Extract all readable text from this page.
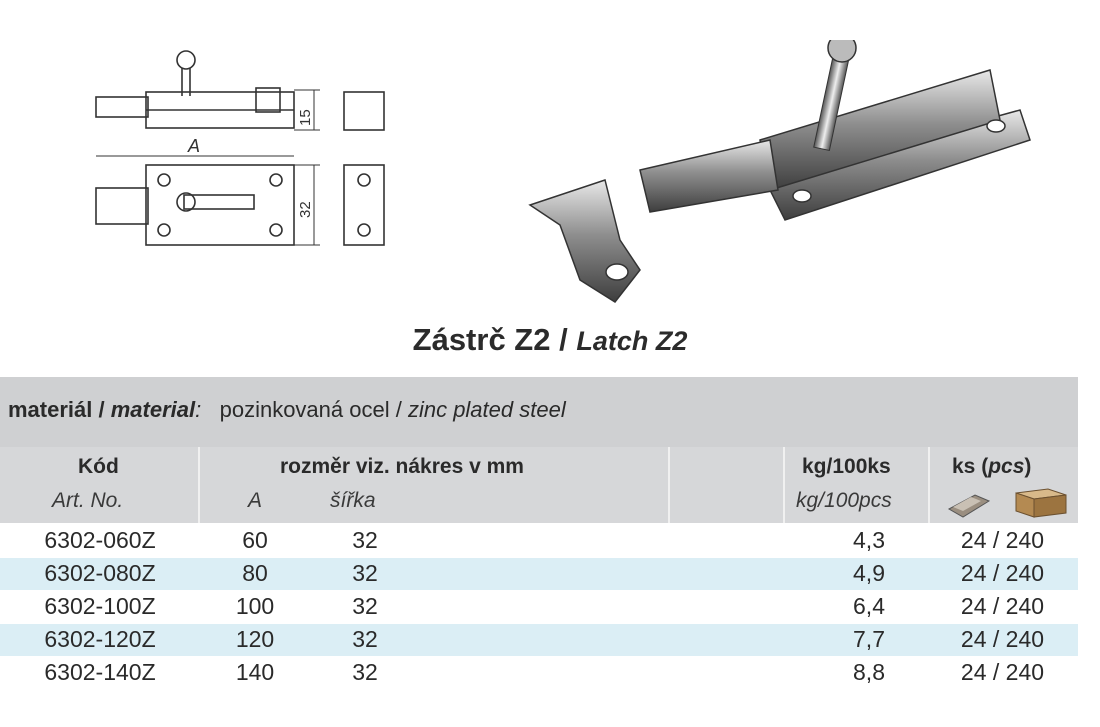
A
15
32
Zástrč Z2 / Latch Z2
materiál / material: pozinkovaná ocel / zinc plated steel
Kód
Art. No.
rozměr viz. nákres v mm
A	šířka
kg/100ks
kg/100pcs
ks (pcs)
6302-060Z	60	32	4,3	24 / 240
6302-080Z	80	32	4,9	24 / 240
6302-100Z	100	32	6,4	24 / 240
6302-120Z	120	32	7,7	24 / 240
6302-140Z	140	32	8,8	24 / 240
